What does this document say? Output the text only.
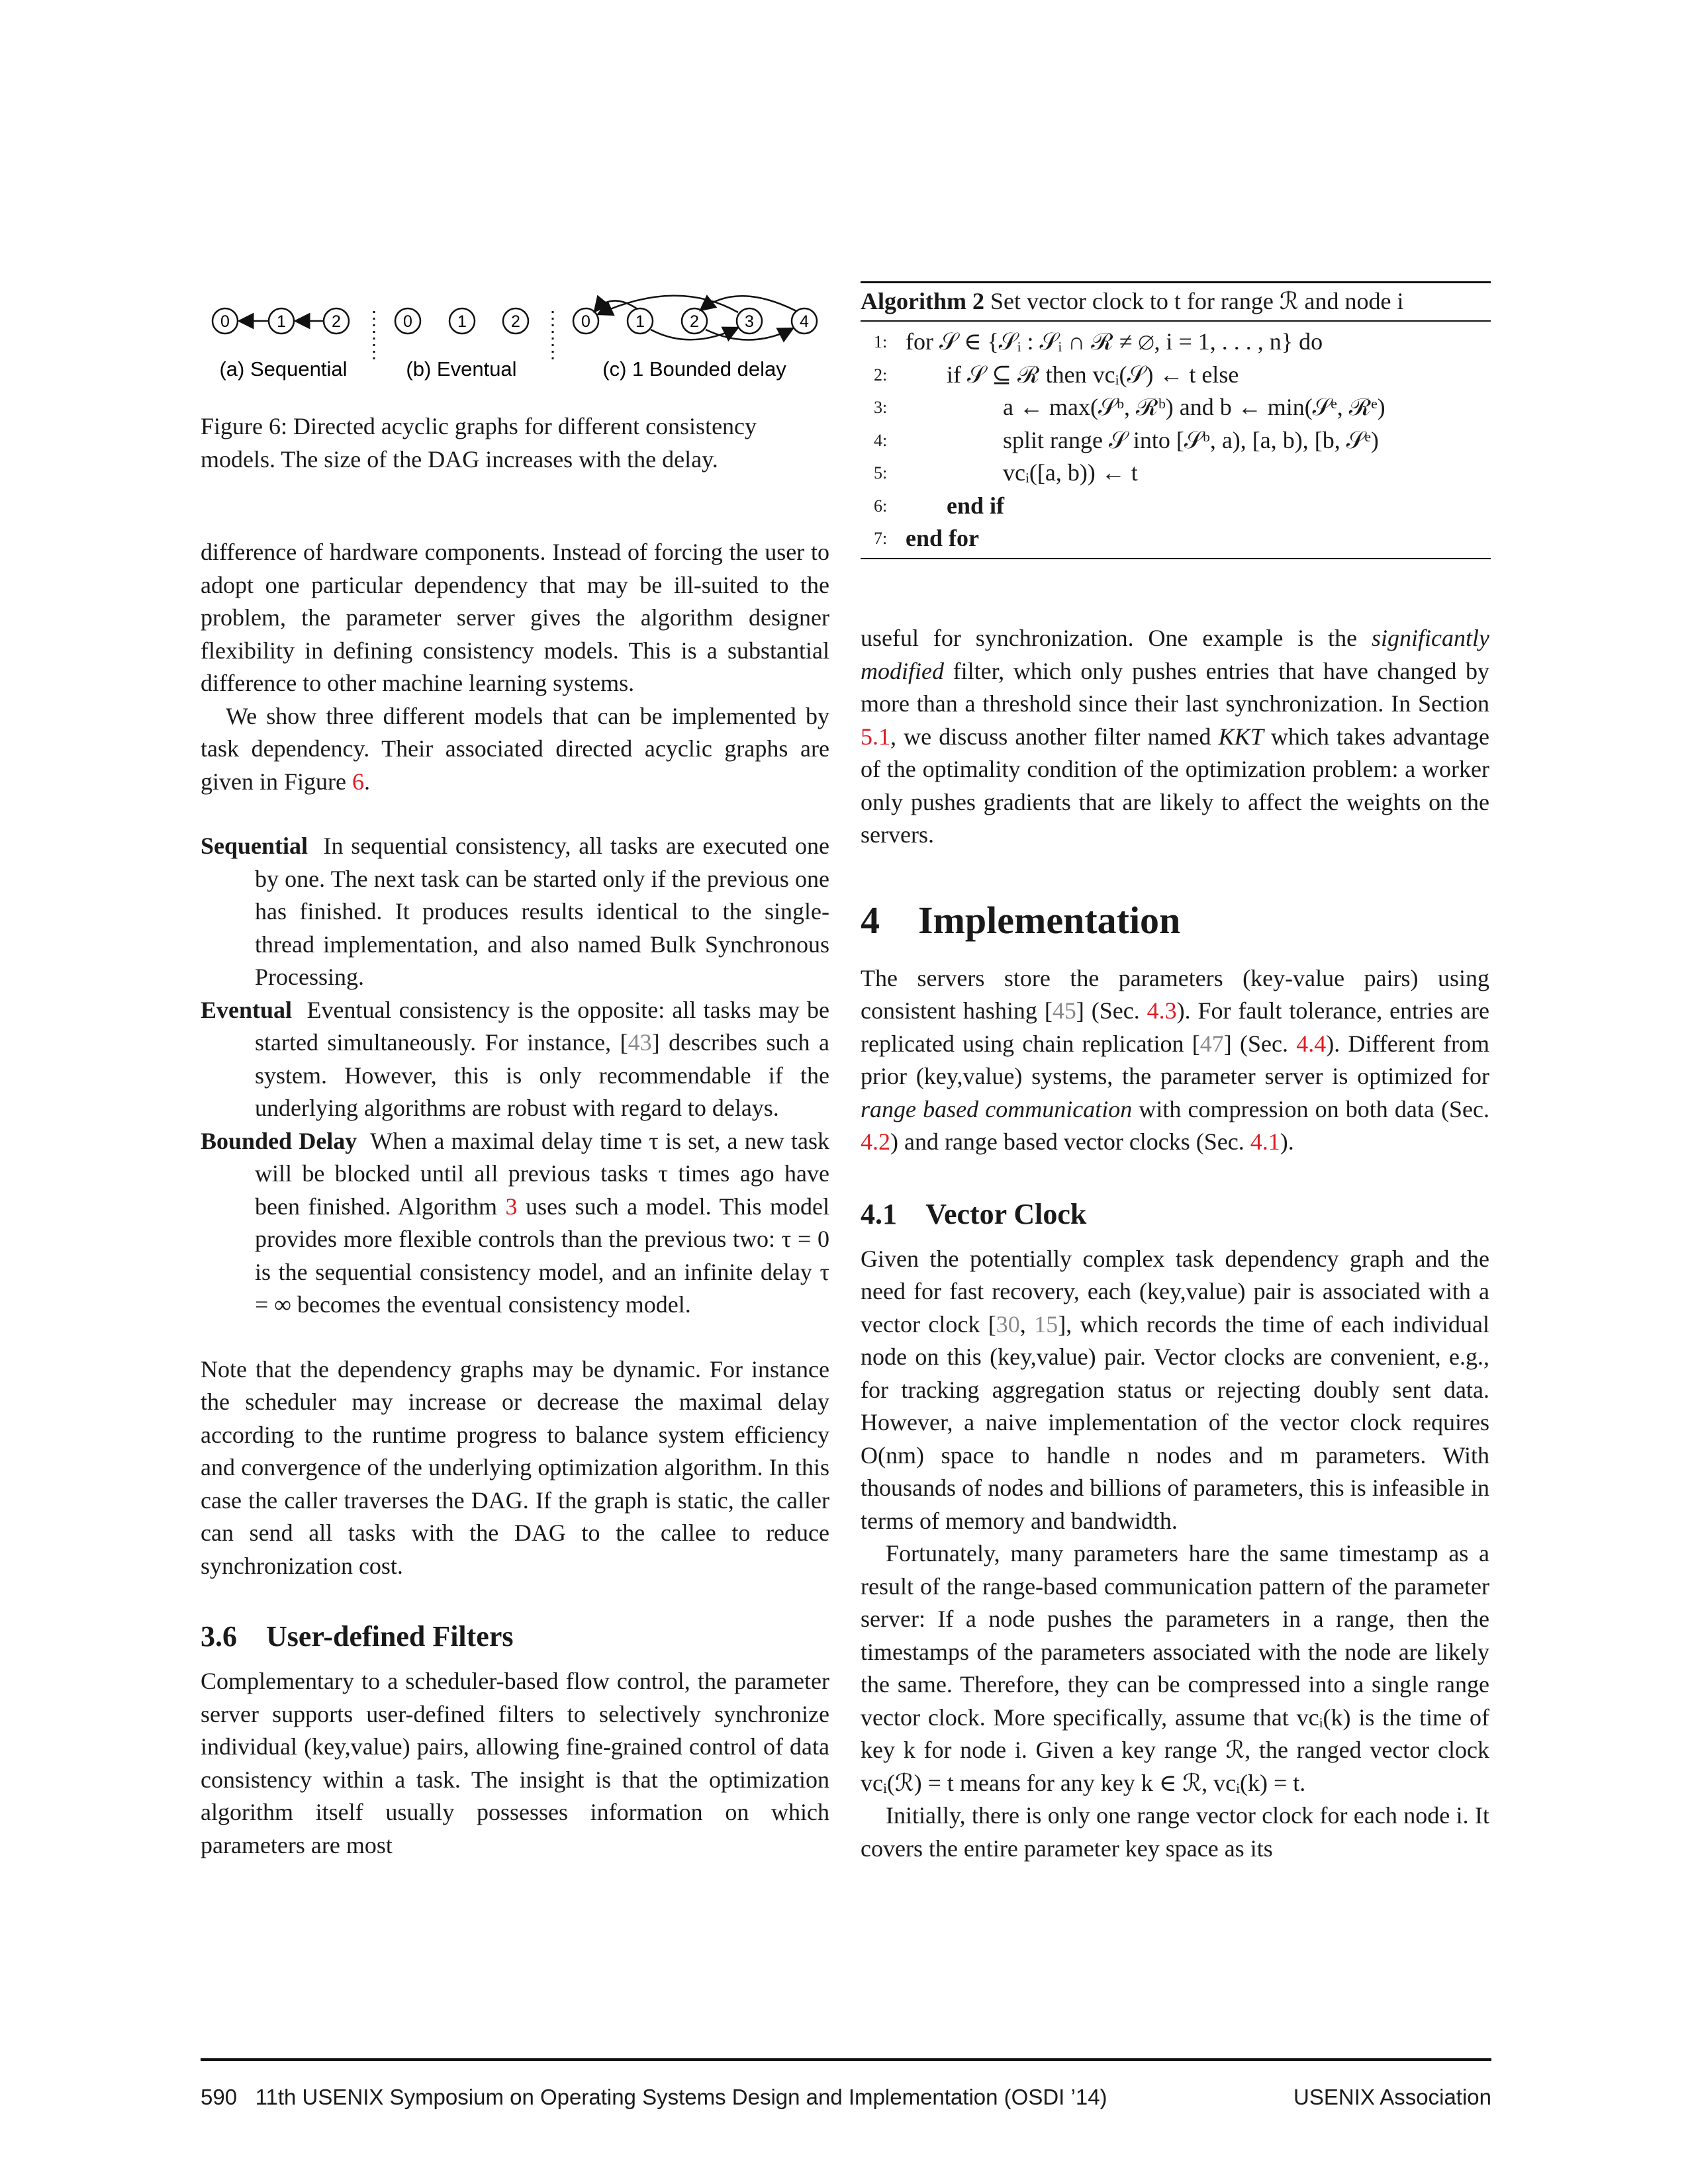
0	1	2	0	1	2	0	1	2	3	4
(a) Sequential	(b) Eventual	(c) 1 Bounded delay

Figure 6: Directed acyclic graphs for different consistency
models. The size of the DAG increases with the delay.

difference of hardware components. Instead of forcing the user to adopt one particular dependency that may be ill-suited to the problem, the parameter server gives the algorithm designer flexibility in defining consistency models. This is a substantial difference to other machine learning systems.

We show three different models that can be implemented by task dependency. Their associated directed acyclic graphs are given in Figure 6.

Sequential In sequential consistency, all tasks are executed one by one. The next task can be started only if the previous one has finished. It produces results identical to the single-thread implementation, and also named Bulk Synchronous Processing.

Eventual Eventual consistency is the opposite: all tasks may be started simultaneously. For instance, [43] describes such a system. However, this is only recommendable if the underlying algorithms are robust with regard to delays.

Bounded Delay When a maximal delay time τ is set, a new task will be blocked until all previous tasks τ times ago have been finished. Algorithm 3 uses such a model. This model provides more flexible controls than the previous two: τ = 0 is the sequential consistency model, and an infinite delay τ = ∞ becomes the eventual consistency model.

Note that the dependency graphs may be dynamic. For instance the scheduler may increase or decrease the maximal delay according to the runtime progress to balance system efficiency and convergence of the underlying optimization algorithm. In this case the caller traverses the DAG. If the graph is static, the caller can send all tasks with the DAG to the callee to reduce synchronization cost.

3.6 User-defined Filters

Complementary to a scheduler-based flow control, the parameter server supports user-defined filters to selectively synchronize individual (key,value) pairs, allowing fine-grained control of data consistency within a task. The insight is that the optimization algorithm itself usually possesses information on which parameters are most

Algorithm 2 Set vector clock to t for range ℛ and node i
1: for 𝒮 ∈ {𝒮ᵢ : 𝒮ᵢ ∩ ℛ ≠ ∅, i = 1, . . . , n} do
2:	if 𝒮 ⊆ ℛ then vcᵢ(𝒮) ← t else
3:	a ← max(𝒮ᵇ, ℛᵇ) and b ← min(𝒮ᵉ, ℛᵉ)
4:	split range 𝒮 into [𝒮ᵇ, a), [a, b), [b, 𝒮ᵉ)
5:	vcᵢ([a, b)) ← t
6:	end if
7: end for

useful for synchronization. One example is the significantly modified filter, which only pushes entries that have changed by more than a threshold since their last synchronization. In Section 5.1, we discuss another filter named KKT which takes advantage of the optimality condition of the optimization problem: a worker only pushes gradients that are likely to affect the weights on the servers.

4 Implementation

The servers store the parameters (key-value pairs) using consistent hashing [45] (Sec. 4.3). For fault tolerance, entries are replicated using chain replication [47] (Sec. 4.4). Different from prior (key,value) systems, the parameter server is optimized for range based communication with compression on both data (Sec. 4.2) and range based vector clocks (Sec. 4.1).

4.1 Vector Clock

Given the potentially complex task dependency graph and the need for fast recovery, each (key,value) pair is associated with a vector clock [30, 15], which records the time of each individual node on this (key,value) pair. Vector clocks are convenient, e.g., for tracking aggregation status or rejecting doubly sent data. However, a naive implementation of the vector clock requires O(nm) space to handle n nodes and m parameters. With thousands of nodes and billions of parameters, this is infeasible in terms of memory and bandwidth.

Fortunately, many parameters hare the same timestamp as a result of the range-based communication pattern of the parameter server: If a node pushes the parameters in a range, then the timestamps of the parameters associated with the node are likely the same. Therefore, they can be compressed into a single range vector clock. More specifically, assume that vcᵢ(k) is the time of key k for node i. Given a key range ℛ, the ranged vector clock vcᵢ(ℛ) = t means for any key k ∈ ℛ, vcᵢ(k) = t.

Initially, there is only one range vector clock for each node i. It covers the entire parameter key space as its

590 11th USENIX Symposium on Operating Systems Design and Implementation (OSDI ’14)	USENIX Association
